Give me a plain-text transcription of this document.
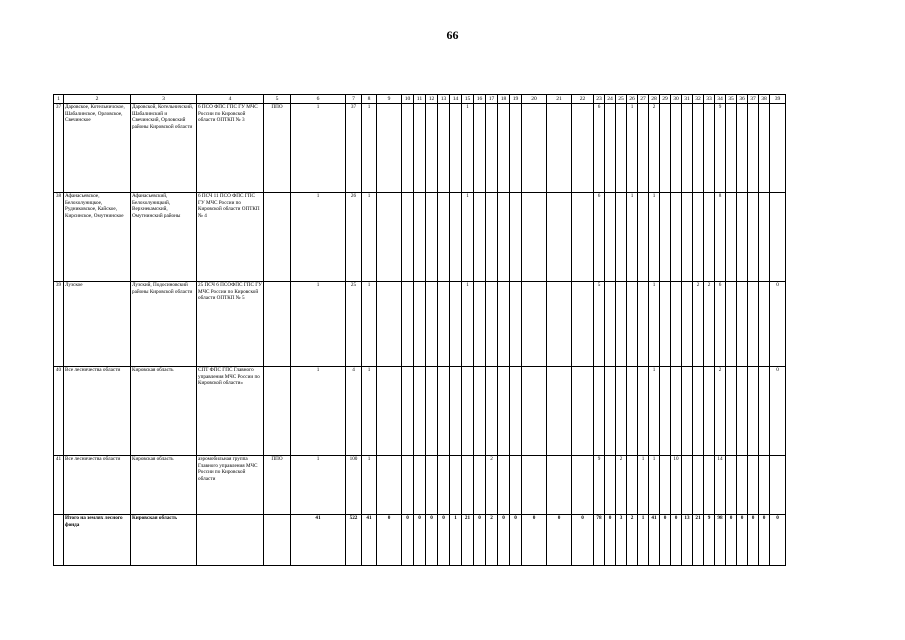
66
1	2	3	4	5	6	7	8	9	10	11	12	13	14	15	16	17	18	19	20	21	22	23	24	25	26	27	28	29	30	31	32	33	34	35	36	37	38	39
37	Даровское, Котельничское, Шабалинское, Орловское, Свечинское	Даровской, Котельничский, Шабалинский и Свечинский, Орловский районы Кировской области	6 ПСО ФПС ГПС ГУ МЧС России по Кировской области ОПТКП № 3	ППО	1	37	1							1								6			1		2						9					
38	Афанасьевское, Белохолуницкое, Рудниковское, Кайское, Кирсинское, Омутнинское	Афанасьевский, Белохолуницкий, Верхнекамский, Омутнинский районы	6 ПСЧ 11 ПСО ФПС ГПС ГУ МЧС России по Кировской области ОПТКП № 4		1	26	1							1								6			1		1						8					
39	Лузское	Лузский, Подосиновский районы Кировской области	25 ПСЧ 6 ПСОФПС ГПС ГУ МЧС России по Кировской области ОПТКП № 5		1	25	1							1								5					1				2	2	6					0
40	Все лесничества области	Кировская область	СПТ ФПС ГПС Главного управления МЧС России по Кировской области»		1	4	1																				1						2					0
41	Все лесничества области	Кировская область	аэромобильная группа Главного управления МЧС России по Кировской области	ППО	1	100	1									2						9		2		1	1		10				14					
	Итого на землях лесного фонда	Кировская область			41	522	41	0	0	0	0	0	1	21	0	2	0	0	0	0	0	78	0	3	2	1	41	0	0	13	21	9	98	0	0	0	0	0
